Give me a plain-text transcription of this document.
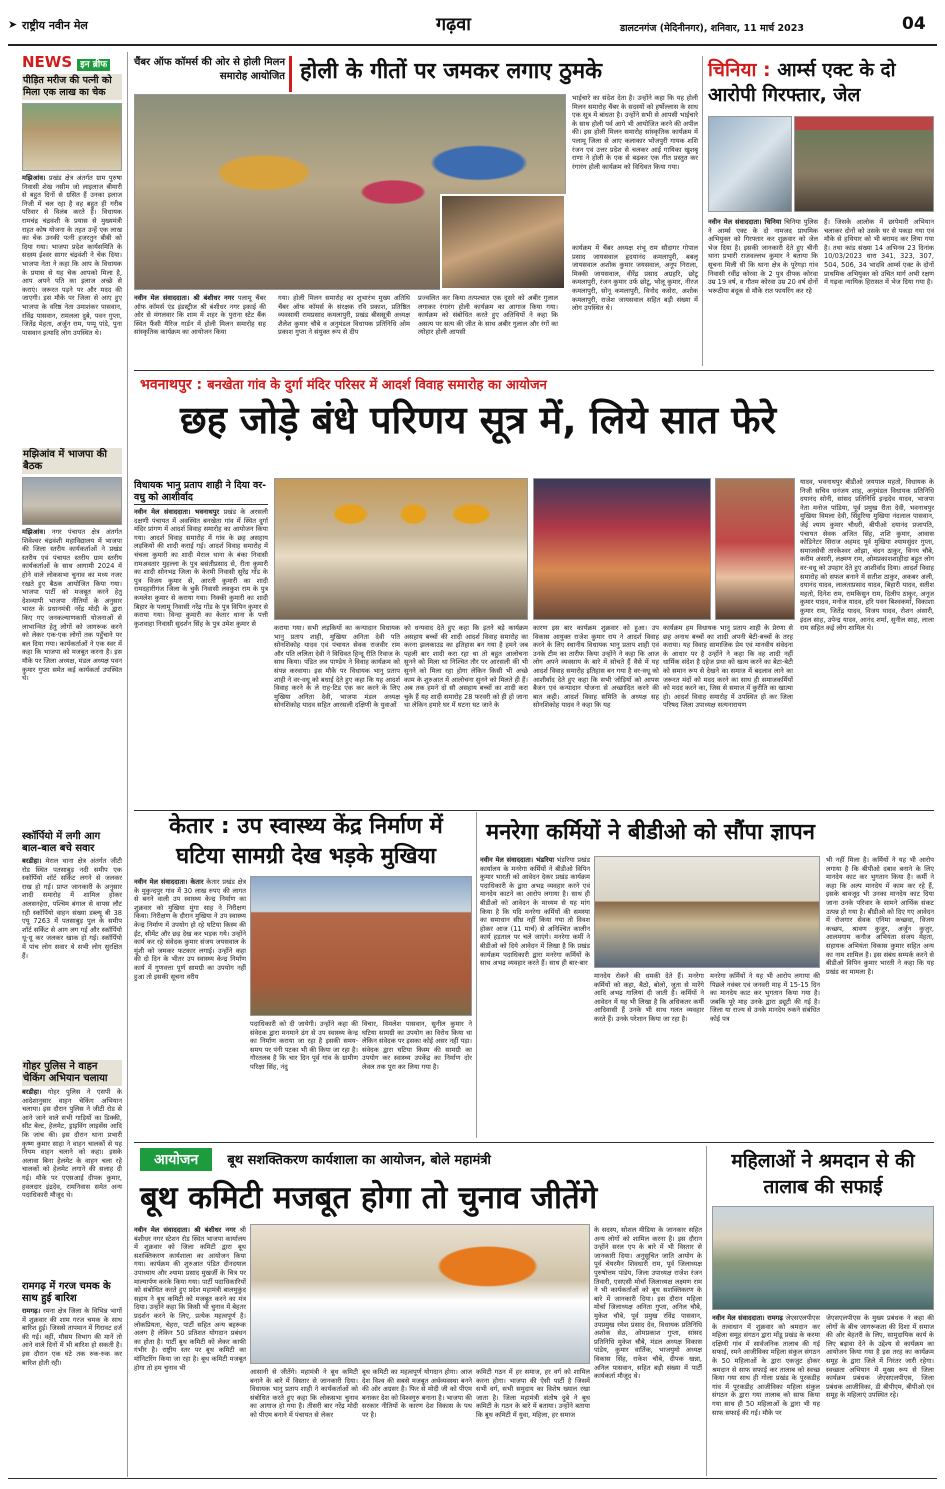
➤ राष्ट्रीय नवीन मेल	गढ़वा	डालटनगंज (मेदिनीनगर), शनिवार, 11 मार्च 2023	04
NEWS इन ब्रीफ
पीड़ित मरीज की पत्नी को मिला एक लाख का चेक
मझिआंव। प्रखंड क्षेत्र अंतर्गत ग्राम पुरुषा निवासी शेख नसीम जो लाइलाज बीमारी से बहुत दिनों से ग्रसित हैं उनका इलाज निजी में चल रहा है वह बहुत ही गरीब परिवार से विलंब करते हैं। विधायक रामचंद्र चंद्रवंशी के प्रयास से मुख्यमंत्री राहत कोष योजना के तहत उन्हें एक लाख का चेक उनकी पत्नी हजरतुन बीबी को दिया गया। भाजपा प्रदेश कार्यसमिति के सदस्य ईश्वर सागर चंद्रवंशी ने चेक दिया। भाजपा नेता ने कहा कि आप के विधायक के प्रयास से यह चेक आपको मिला है, आप अपने पति का इलाज अच्छे से कराएं। जरूरत पड़ने पर और मदद की जाएगी। इस मौके पर जिला से आए हुए भाजपा के वरिष्ठ नेता उमाशंकर पासवान, रविंद्र पासवान, रामलला दुबे, पवन गुप्ता, जितेंद्र मेहता, अर्जुन राम, पप्पू पांडे, पुना पासवान इत्यादि लोग उपस्थित थे।
मझिआंव में भाजपा की बैठक
मझिआंव। नगर पंचायत क्षेत्र अंतर्गत शिवेश्वर चंद्रवंशी महाविद्यालय में भाजपा की जिला स्तरीय कार्यकर्ताओं ने प्रखंड स्तरीय एवं पंचायत स्तरीय ग्राम स्तरीय कार्यकर्ताओं के साथ आगामी 2024 में होने वाले लोकसभा चुनाव का मध्य नजर रखते हुए बैठक आयोजित किया गया। भाजपा पार्टी को मजबूत करने हेतु देशव्यापी भाजपा नीतियों के अनुसार भारत के प्रधानमंत्री नरेंद्र मोदी के द्वारा किए गए जनकल्याणकारी योजनाओं से लाभान्वित हेतु लोगों को जागरूक करने को लेकर एक-एक लोगों तक पहुँचाने पर बल दिया गया। कार्यकर्ताओं ने एक स्वर में कहा कि भाजपा को मजबूत करना है। इस मौके पर जिला अध्यक्ष, मंडल अध्यक्ष पवन कुमार गुप्ता समेत कई कार्यकर्ता उपस्थित थे।
स्कॉर्पियो में लगी आग बाल-बाल बचे सवार
बरडीहा। मेराल थाना क्षेत्र अंतर्गत जीटी रोड स्थित पतसाबुड़ नदी समीप एक स्कॉर्पियो शॉर्ट सर्किट लगने से जलकर राख हो गई। प्राप्त जानकारी के अनुसार शादी समारोह में शामिल होकर अलसनहेरा, पश्चिम बंगाल से वापस लौट रही स्कॉर्पियो वाहन संख्या डब्ल्यू बी 38 एयू 7263 में पतसाबुड़ पुल के समीप शॉर्ट सर्किट से आग लग गई और स्कॉर्पियो धू-धू कर जलकर खाक हो गई। स्कॉर्पियो में पांच लोग सवार थे सभी लोग सुरक्षित हैं।
गोहर पुलिस ने वाहन चेकिंग अभियान चलाया
बरडीहा। गोहर पुलिस ने एसपी के आदेशानुसार वाहन चेकिंग अभियान चलाया। इस दौरान पुलिस ने जीटी रोड से आने जाने वाले सभी गाड़ियों का डिक्की, सीट बेल्ट, हेलमेट, ड्राइविंग लाइसेंस आदि कि जांच की। इस दौरान थाना प्रभारी कृष्ण कुमार साहा ने वाहन चालकों से यह नियम वाहन चलाने को कहा। इसके अलावा बिना हेलमेट के वाहन चला रहे चालकों को हेलमेट लगाने की सलाह दी गई। मौके पर एएसआई दीपक कुमार, हवलदार इंद्रदेव, रामनिवास समेत अन्य पदाधिकारी मौजूद थे।
रामगढ़ में गरज चमक के साथ हुई बारिश
रामगढ़। रमना क्षेत्र जिला के विभिन्न भागों में शुक्रवार की शाम गरज चमक के साथ बारिश हुई। जिससे तापमान में गिरावट दर्ज की गई। वहीं, मौसम विभाग की मानें तो आने वाले दिनों में भी बारिश हो सकती है। इस दौरान एक घंटे तक रुक-रुक कर बारिश होती रही।
चैंबर ऑफ कॉमर्स की ओर से होली मिलन समारोह आयोजित होली के गीतों पर जमकर लगाए ठुमके
नवीन मेल संवाददाता। श्री बंशीधर नगर पलामू चैंबर ऑफ कॉमर्स एंड इंडस्ट्रीज श्री बंशीधर नगर इकाई की ओर से मंगलवार कि शाम में शहर के पुराना स्टेट बैंक स्थित फैंसी मैरिज गार्डन में होली मिलन समारोह सह सांस्कृतिक कार्यक्रम का आयोजन किया
गया। होली मिलन समारोह का शुभारंभ मुख्य अतिथि चैंबर ऑफ कॉमर्स के संरक्षक रवि प्रकाश, प्रतिष्ठित व्यवसायी रामप्रसाद कमलापुरी, प्रखंड बीससूत्री अध्यक्ष शैलेश कुमार चौबे व अनुमंडल विधायक प्रतिनिधि ओम प्रकाश गुप्ता ने संयुक्त रूप से दीप
प्रज्वलित कर किया तत्पश्चात एक दूसरे को अबीर गुलाल लगाकर रंगारंग होली कार्यक्रम का आगाज किया गया। कार्यक्रम को संबोधित करते हुए अतिथियों ने कहा कि असत्य पर सत्य की जीत के साथ अबीर गुलाल और रंगों का त्योहार होली आपसी
भाईचारे का संदेश देता है। उन्होंने कहा कि यह होली मिलन समारोह चैंबर के सदस्यों को हर्षोल्लास के साथ एक सूत्र में बांधता है। उन्होंने सभी से आपसी भाईचारे के साथ होली पर्व आगे भी आयोजित करने की अपील की। इस होली मिलन समारोह सांस्कृतिक कार्यक्रम में पलामू जिला से आए कलाकार भोजपुरी गायक शशि रंजन एवं उत्तर प्रदेश से चलकर आई गायिका खुशबू राणा ने होली के एक से बढ़कर एक गीत प्रस्तुत कर रंगारंग होली कार्यक्रम को विधिवत किया गया।
कार्यक्रम में चैंबर अध्यक्ष शंभू राम सौदागर गोपाल प्रसाद जायसवाल हृदयानंद कमलापुरी, बबलू जायसवाल अशोक कुमार जयसवाल, अनूप निराला, मिक्की जायसवाल, वीरेंद्र प्रसाद अग्रहरि, छोटू कमलापुरी, रंजन कुमार उर्फ छोटू, भोलू कुमार, नीरज कमलापुरी, सोनू कमलापुरी, विनोद कसेरा, अशोक कमलापुरी, राजेश जायसवाल सहित बड़ी संख्या में लोग उपस्थित थे।
चिनिया : आर्म्स एक्ट के दो आरोपी गिरफ्तार, जेल
नवीन मेल संवाददाता। चिनिया चिनिया पुलिस ने आर्म्स एक्ट के दो नामजद प्राथमिक अभियुक्त को गिरफ्तार कर शुक्रवार को जेल भेज दिया है। इसकी जानकारी देते हुए चीनी थाना प्रभारी राजवल्लभ कुमार ने बताया कि सूचना मिली थी कि थाना क्षेत्र के पूरेगड़ा गांव निवासी रवींद्र कोरवा के 2 पुत्र दीपक कोरवा उम्र 19 वर्ष, व गौतम कोरवा उम्र 20 वर्ष दोनों भरूठीया बंदूक से मौके रात फायरिंग कर रहे
हैं। जिसके आलोक में छापेमारी अभियान चलाकर दोनों को उसके घर से पकड़ा गया एवं मौके से हथियार को भी बरामद कर लिया गया है। तथा कांड संख्या 14 अभिनव 23 दिनांक 10/03/2023 धारा 341, 323, 307, 504, 506, 34 भादवि आर्म्स एक्ट के दोनों प्राथमिक अभियुक्त को उचित मार्ग अभी रक्षण में गढ़वा न्यायिक हिरासत में भेज दिया गया है।
भवनाथपुर : बनखेता गांव के दुर्गा मंदिर परिसर में आदर्श विवाह समारोह का आयोजन
छह जोड़े बंधे परिणय सूत्र में, लिये सात फेरे
विधायक भानु प्रताप शाही ने दिया वर-वधु को आशीर्वाद
नवीन मेल संवाददाता। भवनाथपुर प्रखंड के अरसली दक्षणी पंचायत में अवस्थित बनखेता गांव में स्थित दुर्गा मंदिर प्रांगण में आदर्श विवाह समारोह का आयोजन किया गया। आदर्श विवाह समारोह में गांव के छह असहाय लड़कियों की शादी कराई गई। आदर्श विवाह समारोह में चंचला कुमारी का शादी मेराल थाना के बंका निवासी रामअवतार मुहल्ला के पुत्र बसंतीप्रसाद से, रीता कुमारी का शादी सोनभद्र जिला के केरमी निवासी सुरेंद्र गोंड के पुत्र विजय कुमार से, आरती कुमारी का शादी रामदहारीगंज जिला के चुर्के निवासी लवकुश राम के पुत्र कमलेश कुमार से कराया गया। निक्की कुमारी का शादी बिहार के पलामू निवासी नरेंद्र गोंड के पुत्र विपिन कुमार से कराया गया। विन्दा कुमारी का केतार थाना के पत्ती कुशवाहा निवासी सुदर्शन सिंह के पुत्र उमेश कुमार से
कराया गया। सभी लड़कियों का कन्यादान विधायक भानु प्रताप शाही, मुखिया अनिता देवी पति सोनशिकोह यादव एवं पंचायत सेवक राजवीर राम और पति ललिता देवी ने विधिवत हिन्दू रीति रिवाज के साथ किया। पंडित लव पाण्डेय ने विवाह कार्यक्रम को संपन्न करवाया। इस मौके पर विधायक भानु प्रताप शाही ने वर-वधू को बधाई देते हुए कहा कि यह आदर्श विवाह करने के ले राह-टिड एक कर करने के लिए मुखिया अनिता देवी, भाजपा मंडल अध्यक्ष सोनशिकोह यादव सहित आरसली दक्षिणी के युवाओं
को धन्यवाद देते हुए कहा कि इतने बड़े कार्यक्रम असहाय बच्चों की शादी आदर्श विवाह समारोह का करना झलकाउड का इतिहास बन गया है हमने जब पहली बार शादी करा रहा था तो बहुत आलोचना सुनने को मिला था निश्चित तौर पर आरसली की भी सुनने को मिला रहा होगा लेकिन किसी भी अच्छे काम के शुरुआत में आलोचना सुनने को मिलते ही हैं। अब तक हमने दो सौ असहाय बच्चों का शादी करा चुके हैं यह शादी समारोह 28 फरवरी को ही हो जाना था लेकिन हमारे घर में घटना घट जाने के
कारण इस बार कार्यक्रम शुक्रवार को हुआ। उप विकास आयुक्त राजेश कुमार राय ने आदर्श विवाह करने के लिए स्थानीय विधायक भानु प्रताप शाही एवं उनके टीम का तारीफ किया उन्होंने ने कहा कि आज लोग अपने व्यवसाय के बारे में सोचते हैं वैसे में यह आदर्श विवाह समारोह इतिहास बन गया है वर-वधू को आशीर्वाद देते हुए कहा कि सभी जोड़ियों को आपस बैजन एवं कन्यादान योजना से अच्छादित करने की बात कही। आदर्श विवाह समिति के अध्यक्ष सह सोनशिकोह यादव ने कहा कि यह
कार्यक्रम हम विधायक भानु प्रताप शाही के प्रेरणा से छह अनाथ बच्चों का शादी अपनी बेटी-बच्चों के तरह कराया। यह विवाह सामाजिक प्रेम एवं मानवीय संवेदना के आधार पर है उन्होंने ने कहा कि वह शादी नहीं धार्मिक संदेश है दहेज प्रथा को खत्म करने का बेटा-बेटी को समान रूप से देखने का समाज में बदलाव लाने का जरूरत मंदों को मदद करने का साथ ही समाजकर्मियों को मदद करने का, जिस से समाज में कुरीति का खात्मा हो। आदर्श विवाह समारोह में उपस्थित हो कर जिला परिषद जिला उपाध्यक्ष सत्यनारायण
यादव, भवनाथपुर बीडीओ जयपाल महतो, विधायक के निजी सचिव धनंजय शाह, अनुमंडल विधायक प्रतिनिधि दयानंद सोनी, सांसद प्रतिनिधि इन्द्रदेव यादव, भाजपा नेता मनोज पांडिया, पूर्व प्रमुख रीता देवी, भवनाथपुर मुखिया विमला देवी, सिंहुरिया मुखिया नंदलाल पासवान, जेई श्याम कुमार चौधरी, बीपीओ दयानंद प्रजापति, पंचायत सेवक अजित सिंह, शशि कुमार, आवास कोडिनेटर सिराज अहमद पूर्व मुखिया श्यामसुंदर गुप्ता, समाजसेवी तारकेश्वर ओझा, चंदन ठाकुर, विनय चौबे, करीम अंसारी, लक्ष्मण राम, ओमप्रकाशशाहीदा बहुत लोग वर-वधू को उपहार देते हुए आशीर्वाद दिया। आदर्श विवाह समारोह को सफल बनाने में सतीश ठाकुर, अकबर अली, दयानंद यादव, लालताप्रसाद यादव, बिहारी यादव, सतीश महतो, दिनेश राम, रामकिसुन राम, दिलीप ठाकुर, अनूज कुमार यादव, मनोज यादव, हरि पवन बिश्वकर्मा, विकाशा कुमार राम, जितेंद्र यादव, विजय यादव, रोशन अंसारी, इंदल साह, उपेन्द्र यादव, आनंद शर्मा, सुनील साह, लाला राम सहित कई लोग शामिल थे।
केतार : उप स्वास्थ्य केंद्र निर्माण में
घटिया सामग्री देख भड़के मुखिया
नवीन मेल संवाददाता। केतार केतार प्रखंड क्षेत्र के मुकुन्दपुर गांव में 30 लाख रुपए की लागत से बनने वाली उप स्वास्थ्य केन्द्र निर्माण का शुक्रवार को मुखिया मुंगा साह ने निरीक्षण किया। निरीक्षण के दौरान मुखिया ने उप स्वास्थ्य केन्द्र निर्माण में उपयोग हो रहे घटिया किस्म की ईंट, सीमेंट और छड़ देख कर भड़क गये। उन्होंने कार्य कर रहे संवेदक कुमार संजय जयसवाल के मुंशी को जमकर फटकार लगाई। उन्होंने कहा की दो दिन के भीतर उप स्वास्थ्य केन्द्र निर्माण कार्य में गुणवत्ता पूर्ण सामग्री का उपयोग नहीं हुआ तो इसकी सूचना वरीय
पदाधिकारी को दी जायेगी। उन्होंने कहा की संवेदक द्वारा मनमाने ढंग से उप स्वास्थ्य केन्द्र का निर्माण कराया जा रहा है इसकी समय-समय पर पंनी पटका भी की किया जा रहा है। गौरतलब है कि चार दिन पूर्व गांव के ग्रामीण परिक्षा सिंह, नंदु
विचार, विमलेश पासवान, सुनील कुमार ने घटिया सामग्री का उपयोग का विरोध किया था लेकिन संवेदक पर इसका कोई असर नहीं पड़ा। संवेदक द्वारा घटिया किस्म की सामग्री का उपयोग कर स्वास्थ्य उपकेंद्र का निर्माण दोर लेवल तक पूरा कर लिया गया है।
मनरेगा कर्मियों ने बीडीओ को सौंपा ज्ञापन
नवीन मेल संवाददाता। भंडरिया भंडरिया प्रखंड कार्यालय के मनरेगा कर्मियों ने बीडीओ विपिन कुमार भारती को आवेदन देकर प्रखंड कार्यक्रम पदाधिकारी के द्वारा अभद्र व्यवहार करने एवं मानदेय काटने का आरोप लगाया है। साथ ही बीडीओ को आवेदन के माध्यम से यह मांग किया है कि यदि मनरेगा कर्मियों की समस्या का समाधान सीघ्र नहीं किया गया तो विवश होकर आज (11 मार्च) से अनिश्चित कालीन कार्य हड़ताल पर चले जाएंगे। मनरेगा कर्मी ने बीडीओ को दिये आवेदन में लिखा है कि प्रखंड कार्यक्रम पदाधिकारी द्वारा मनरेगा कर्मियों के साथ अभद्र व्यवहार करते हैं। साथ ही बार-बार
मानदेय रोकने की धमकी देते हैं। मनरेगा कर्मियों को कहा, बैठो, बोलो, जुता से मारेंगे आदि अभद्र गालियां दी जाती है। कर्मियों ने आवेदन में यह भी लिखा है कि अधिकतर कर्मी आदिवासी हैं उनके भी साथ गलत व्यवहार करते हैं। उनके परेशान किया जा रहा है।
मनरेगा कर्मियों ने यह भी आरोप लगाया की पिछले नवंबर एवं जनवरी माह में 15-15 दिन का मानदेय काट कर भुगतान किया गया है। जबकि पूरे माह उनके द्वारा ड्यूटी की गई है। जिला या राज्य से उनके मानदेय रुकने संबंधित कोई पत्र
भी नहीं मिला है। कर्मियों ने यह भी आरोप लगाया है कि बीपीओ दबाव बनाने के लिए मानदेय काट कर भुगतान किया है। कर्मी ने कहा कि अल्प मानदेय में काम कर रहे हैं, इसके बावजूद भी उनका मानदेय काट दिया जाना उनके परिवार के सामने आर्थिक संकट उत्पन्न हो गया है। बीडीओ को दिए गए आवेदन में रोजगार सेवक एनिमा कच्छवा, विजय कच्छप, श्रावण कुजुर, अर्जुन कुजुर, आलमगाम कनौज अभियंता संजय मेहता, सहायक अभियंता विकास कुमार सहित अन्य का नाम शामिल है। इस संबंध सम्पर्क करने से बीडीओ विपिन कुमार भारती ने कहा कि यह प्रखंड का मामला है।
आयोजन बूथ सशक्तिकरण कार्यशाला का आयोजन, बोले महामंत्री
बूथ कमिटी मजबूत होगा तो चुनाव जीतेंगे
नवीन मेल संवाददाता। श्री बंशीधर नगर श्री बंशीधर नगर स्टेशन रोड स्थित भाजपा कार्यालय में शुक्रवार को जिला कमिटी द्वारा बूथ सशक्तिकरण कार्यशाला का आयोजन किया गया। कार्यक्रम की शुरुआत पंडित दीनदयाल उपाध्याय और श्यामा प्रसाद मुखर्जी के चित्र पर माल्यार्पण करके किया गया। पार्टी पदाधिकारियों को संबोधित करते हुए प्रदेश महामंत्री बालमुकुंद सहाय ने बूथ कमिटी को मजबूत करने का मंत्र दिया। उन्होंने कहा कि किसी भी चुनाव में बेहतर प्रदर्शन करने के लिए, प्रत्येक महत्वपूर्ण है। लोकप्रियता, चेहरा, पार्टी सहित अन्य बहरूक अलग है लेकिन 50 प्रतिशत योगदान प्रबंधन का होता है। पार्टी बूथ कमिटी को लेकर काफी गंभीर है। राष्ट्रीय स्तर पर बूथ कमिटी का मॉनिटरिंग किया जा रहा है। बूथ कमिटी मजबूत होगा तो हम चुनाव भी
आसानी से जीतेंगे। महामंत्री ने बूथ कमिटी बनाने के बारे में विस्तार से जानकारी दिया। विधायक भानु प्रताप शाही ने कार्यकर्ताओं को संबोधित करते हुए कहा कि लोकसभा चुनाव का आगाज हो गया है। तीसरी बार नरेंद्र मोदी को पीएम बनाने में पंचायत से लेकर
बूथ कमिटी का महत्वपूर्ण योगदान होगा। आज देश विश्व की सबसे मजबूत अर्थव्यवस्था बनने की ओर अग्रसर है। फिर से मोदी जी को पीएम बनाकर देश को विश्वगुरु बनाना है। भाजपा की सरकार नीतियों के कारण देश विकास के पथ पर है।
कमिटी गठन में हर समाज, हर वर्ग को शामिल करना होगा। भाजपा की ऐसी पार्टी है जिसमें सभी वर्ग, सभी समुदाय का विशेष ख्याल रखा जाता है। जिला महामंत्री संतोष दुबे ने बूथ कमिटी के गठन के बारे में बताया। उन्होंने बताया कि बूथ कमिटी में युवा, महिला, हर समाज
के सदस्य, सोशल मीडिया के जानकार सहित अन्य लोगों को शामिल करना है। इस दौरान उन्होंने सरल एप के बारे में भी विस्तार से जानकारी दिया। अनुसूचित जाति आयोग के पूर्व चेयरमैन शिवधारी राम, पूर्व जिलाध्यक्ष पुरुषोत्तम पांडेय, जिला उपाध्यक्ष राजेश रंजन तिवारी, एसएसी मोर्चा जिलाध्यक्ष लक्ष्मण राम ने भी कार्यकर्ताओं को बूथ सशक्तिकरण के बारे में जानकारी दिया। इस दौरान महिला मोर्चा जिलाध्यक्ष अनिता गुप्ता, अनिल चौबे, मुकेश चौबे, पूर्व प्रमुख रविंद्र पासवान, उपप्रमुख रमेश प्रसाद देव, विधायक प्रतिनिधि अशोक सेठ, ओमप्रकाश गुप्ता, सांसद प्रतिनिधि मुकेश चौबे, मंडल अध्यक्ष विकास पांडेय, कुमार वार्तिक, भाजयुमो अध्यक्ष विकास सिंह, राकेश चौबे, दीपक खन्ना, अनिल पासवान, सहित बड़ी संख्या में पार्टी कार्यकर्ता मौजूद थे।
महिलाओं ने श्रमदान से की तालाब की सफाई
नवीन मेल संवाददाता। रामगढ़ जेएसएलपीएस के तत्वाधान में शुक्रवार को श्रमदान कर महिला समूह संगठन द्वारा मोंडू प्रखंड के करमा दक्षिणी गांव में सार्वजनिक तालाब की गई सफाई, रमने आजीविका महिला संकुल संगठन के 50 महिलाओं के द्वारा एकजुट होकर श्रमदान से साफ सफाई कर तालाब को स्वच्छ किया गया साथ ही गोला प्रखंड के पूरकडीह गांव में पूरकडीह आजीविका महिला संकुल संगठन के द्वारा गया तालाब को साफ किया गया साथ ही 50 महिलाओं के द्वारा भी यह साफ सफाई की गई। मौके पर
जेएसएलपीएस के मुख्य प्रबंधक ने कहा की लोगों के बीच जागरूकता की दिशा में समाज की ओर बेहतरी के लिए, सामुदायिक कार्य के लिए बढ़ावा देने के उद्देश्य से कार्यक्रम का आयोजन किया गया है इस तरह का कार्यक्रम समूह के द्वारा जिले में निरंतर जारी रहेगा। स्वच्छता अभियान में मुख्य रूप से जिला कार्यक्रम प्रबंधक जेएसएलपीएस, जिला प्रबंधक आजीविका, डी बीपीएम, बीपीओ एवं समूह के महिलाएं उपस्थित रहे।
